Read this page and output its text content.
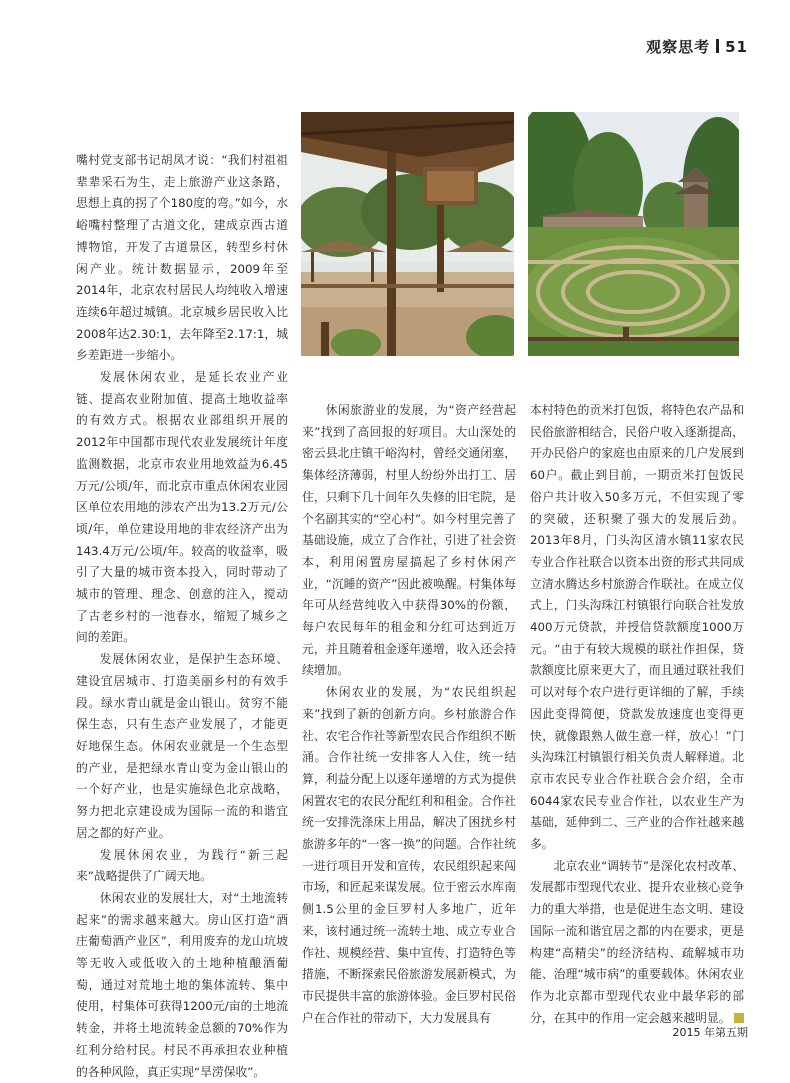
观察思考 51

嘴村党支部书记胡凤才说：“我们村祖祖辈辈采石为生，走上旅游产业这条路，思想上真的拐了个180度的弯。”如今，水峪嘴村整理了古道文化，建成京西古道博物馆，开发了古道景区，转型乡村休闲产业。统计数据显示，2009年至2014年，北京农村居民人均纯收入增速连续6年超过城镇。北京城乡居民收入比2008年达2.30:1，去年降至2.17:1，城乡差距进一步缩小。

发展休闲农业，是延长农业产业链、提高农业附加值、提高土地收益率的有效方式。根据农业部组织开展的2012年中国都市现代农业发展统计年度监测数据，北京市农业用地效益为6.45万元/公顷/年，而北京市重点休闲农业园区单位农用地的涉农产出为13.2万元/公顷/年，单位建设用地的非农经济产出为143.4万元/公顷/年。较高的收益率，吸引了大量的城市资本投入，同时带动了城市的管理、理念、创意的注入，搅动了古老乡村的一池春水，缩短了城乡之间的差距。

发展休闲农业，是保护生态环境、建设宜居城市、打造美丽乡村的有效手段。绿水青山就是金山银山。贫穷不能保生态，只有生态产业发展了，才能更好地保生态。休闲农业就是一个生态型的产业，是把绿水青山变为金山银山的一个好产业，也是实施绿色北京战略，努力把北京建设成为国际一流的和谐宜居之都的好产业。

发展休闲农业，为践行“新三起来”战略提供了广阔天地。

休闲农业的发展壮大，对“土地流转起来”的需求越来越大。房山区打造“酒庄葡萄酒产业区”，利用废弃的龙山坑坡等无收入或低收入的土地种植酿酒葡萄，通过对荒地土地的集体流转、集中使用，村集体可获得1200元/亩的土地流转金，并将土地流转金总额的70%作为红利分给村民。村民不再承担农业种植的各种风险，真正实现“旱涝保收”。

休闲旅游业的发展，为“资产经营起来”找到了高回报的好项目。大山深处的密云县北庄镇干峪沟村，曾经交通闭塞，集体经济薄弱，村里人纷纷外出打工、居住，只剩下几十间年久失修的旧宅院，是个名副其实的“空心村”。如今村里完善了基础设施，成立了合作社，引进了社会资本，利用闲置房屋搞起了乡村休闲产业，“沉睡的资产”因此被唤醒。村集体每年可从经营纯收入中获得30%的份额，每户农民每年的租金和分红可达到近万元，并且随着租金逐年递增，收入还会持续增加。

休闲农业的发展，为“农民组织起来”找到了新的创新方向。乡村旅游合作社、农宅合作社等新型农民合作组织不断涌。合作社统一安排客人入住，统一结算，利益分配上以逐年递增的方式为提供闲置农宅的农民分配红利和租金。合作社统一安排洗涤床上用品，解决了困扰乡村旅游多年的“一客一换”的问题。合作社统一进行项目开发和宣传，农民组织起来闯市场，和匠起来谋发展。位于密云水库南侧1.5公里的金巨罗村人多地广，近年来，该村通过统一流转土地、成立专业合作社、规模经营、集中宣传、打造特色等措施，不断探索民俗旅游发展新模式，为市民提供丰富的旅游体验。金巨罗村民俗户在合作社的带动下，大力发展具有

本村特色的贡米打包饭，将特色农产品和民俗旅游相结合，民俗户收入逐渐提高，开办民俗户的家庭也由原来的几户发展到60户。截止到目前，一期贡米打包饭民俗户共计收入50多万元，不但实现了零的突破，还积聚了强大的发展后劲。2013年8月，门头沟区清水镇11家农民专业合作社联合以资本出资的形式共同成立清水腾达乡村旅游合作联社。在成立仪式上，门头沟珠江村镇银行向联合社发放400万元贷款，并授信贷款额度1000万元。“由于有较大规模的联社作担保，贷款额度比原来更大了，而且通过联社我们可以对每个农户进行更详细的了解，手续因此变得简便，贷款发放速度也变得更快，就像跟熟人做生意一样，放心！”门头沟珠江村镇银行相关负责人解释道。北京市农民专业合作社联合会介绍，全市6044家农民专业合作社，以农业生产为基础，延伸到二、三产业的合作社越来越多。

北京农业“调转节”是深化农村改革、发展都市型现代农业、提升农业核心竞争力的重大举措，也是促进生态文明、建设国际一流和谐宜居之都的内在要求，更是构建“高精尖”的经济结构、疏解城市功能、治理“城市病”的重要载体。休闲农业作为北京都市型现代农业中最华彩的部分，在其中的作用一定会越来越明显。

2015 年第五期
